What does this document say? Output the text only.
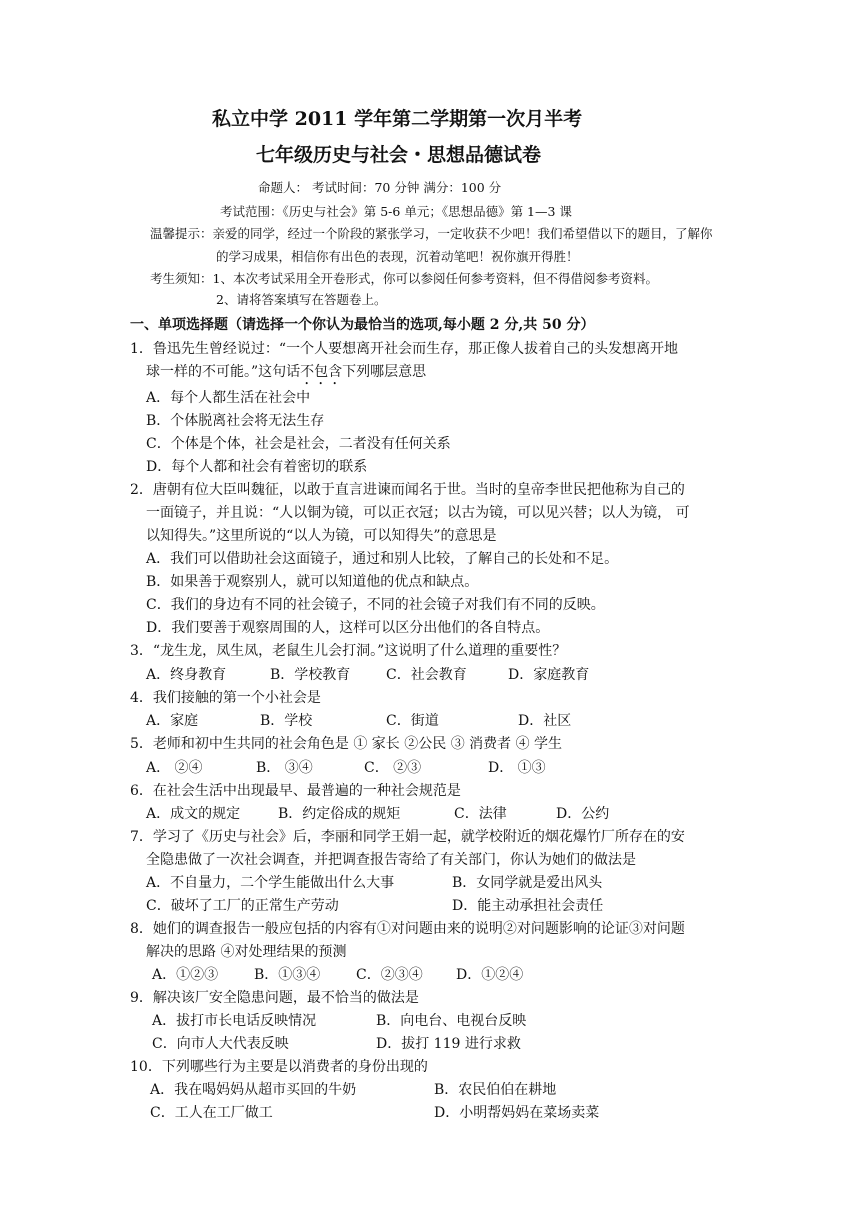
私立中学 2011 学年第二学期第一次月半考
七年级历史与社会・思想品德试卷
命题人： 考试时间：70 分钟 满分：100 分
考试范围：《历史与社会》第 5-6 单元；《思想品德》第 1—3 课
温馨提示：亲爱的同学，经过一个阶段的紧张学习，一定收获不少吧！我们希望借以下的题目，了解你
的学习成果，相信你有出色的表现，沉着动笔吧！祝你旗开得胜！
考生须知：1、本次考试采用全开卷形式，你可以参阅任何参考资料，但不得借阅参考资料。
2、请将答案填写在答题卷上。
一、单项选择题（请选择一个你认为最恰当的选项,每小题 2 分,共 50 分）
1．鲁迅先生曾经说过：“一个人要想离开社会而生存，那正像人拔着自己的头发想离开地
球一样的不可能。”这句话不包含下列哪层意思
A．每个人都生活在社会中
B．个体脱离社会将无法生存
C．个体是个体，社会是社会，二者没有任何关系
D．每个人都和社会有着密切的联系
2．唐朝有位大臣叫魏征，以敢于直言进谏而闻名于世。当时的皇帝李世民把他称为自己的
一面镜子，并且说：“人以铜为镜，可以正衣冠；以古为镜，可以见兴替；以人为镜， 可
以知得失。”这里所说的“以人为镜，可以知得失”的意思是
A．我们可以借助社会这面镜子，通过和别人比较，了解自己的长处和不足。
B．如果善于观察别人，就可以知道他的优点和缺点。
C．我们的身边有不同的社会镜子，不同的社会镜子对我们有不同的反映。
D．我们要善于观察周围的人，这样可以区分出他们的各自特点。
3．“龙生龙，凤生凤，老鼠生儿会打洞。”这说明了什么道理的重要性？
A．终身教育	B．学校教育	C．社会教育	D．家庭教育
4．我们接触的第一个小社会是
A．家庭	B．学校	C．街道	D．社区
5．老师和初中生共同的社会角色是 ① 家长 ②公民 ③ 消费者 ④ 学生
A． ②④	B． ③④	C． ②③	D． ①③
6．在社会生活中出现最早、最普遍的一种社会规范是
A．成文的规定	B．约定俗成的规矩	C．法律	D．公约
7．学习了《历史与社会》后，李丽和同学王娟一起，就学校附近的烟花爆竹厂所存在的安
全隐患做了一次社会调查，并把调查报告寄给了有关部门，你认为她们的做法是
A．不自量力，二个学生能做出什么大事	B．女同学就是爱出风头
C．破坏了工厂的正常生产劳动	D．能主动承担社会责任
8．她们的调查报告一般应包括的内容有①对问题由来的说明②对问题影响的论证③对问题
解决的思路 ④对处理结果的预测
A．①②③	B．①③④	C．②③④ D．①②④
9．解决该厂安全隐患问题，最不恰当的做法是
A．拔打市长电话反映情况	B．向电台、电视台反映
C．向市人大代表反映	D．拔打 119 进行求救
10．下列哪些行为主要是以消费者的身份出现的
A．我在喝妈妈从超市买回的牛奶	B．农民伯伯在耕地
C．工人在工厂做工	D．小明帮妈妈在菜场卖菜
